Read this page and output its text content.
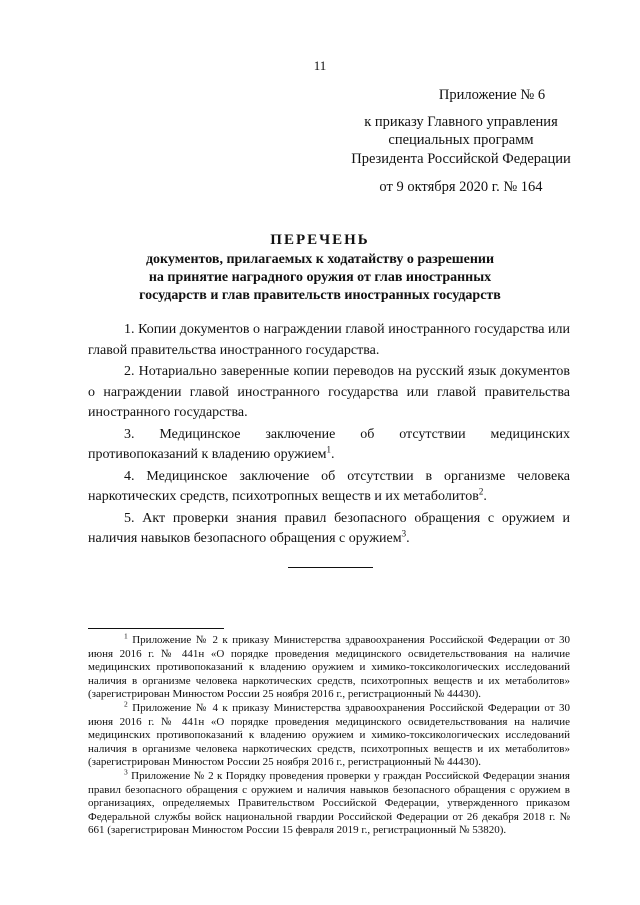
11
Приложение № 6
к приказу Главного управления
специальных программ
Президента Российской Федерации
от 9 октября 2020 г. № 164
ПЕРЕЧЕНЬ
документов, прилагаемых к ходатайству о разрешении
на принятие наградного оружия от глав иностранных
государств и глав правительств иностранных государств

1. Копии документов о награждении главой иностранного государства или главой правительства иностранного государства.

2. Нотариально заверенные копии переводов на русский язык документов о награждении главой иностранного государства или главой правительства иностранного государства.

3. Медицинское заключение об отсутствии медицинских противопоказаний к владению оружием$^1$.

4. Медицинское заключение об отсутствии в организме человека наркотических средств, психотропных веществ и их метаболитов$^2$.

5. Акт проверки знания правил безопасного обращения с оружием и наличия навыков безопасного обращения с оружием$^3$.

$^1$ Приложение № 2 к приказу Министерства здравоохранения Российской Федерации от 30 июня 2016 г. № 441н «О порядке проведения медицинского освидетельствования на наличие медицинских противопоказаний к владению оружием и химико-токсикологических исследований наличия в организме человека наркотических средств, психотропных веществ и их метаболитов» (зарегистрирован Минюстом России 25 ноября 2016 г., регистрационный № 44430).

$^2$ Приложение № 4 к приказу Министерства здравоохранения Российской Федерации от 30 июня 2016 г. № 441н «О порядке проведения медицинского освидетельствования на наличие медицинских противопоказаний к владению оружием и химико-токсикологических исследований наличия в организме человека наркотических средств, психотропных веществ и их метаболитов» (зарегистрирован Минюстом России 25 ноября 2016 г., регистрационный № 44430).

$^3$ Приложение № 2 к Порядку проведения проверки у граждан Российской Федерации знания правил безопасного обращения с оружием и наличия навыков безопасного обращения с оружием в организациях, определяемых Правительством Российской Федерации, утвержденного приказом Федеральной службы войск национальной гвардии Российской Федерации от 26 декабря 2018 г. № 661 (зарегистрирован Минюстом России 15 февраля 2019 г., регистрационный № 53820).
